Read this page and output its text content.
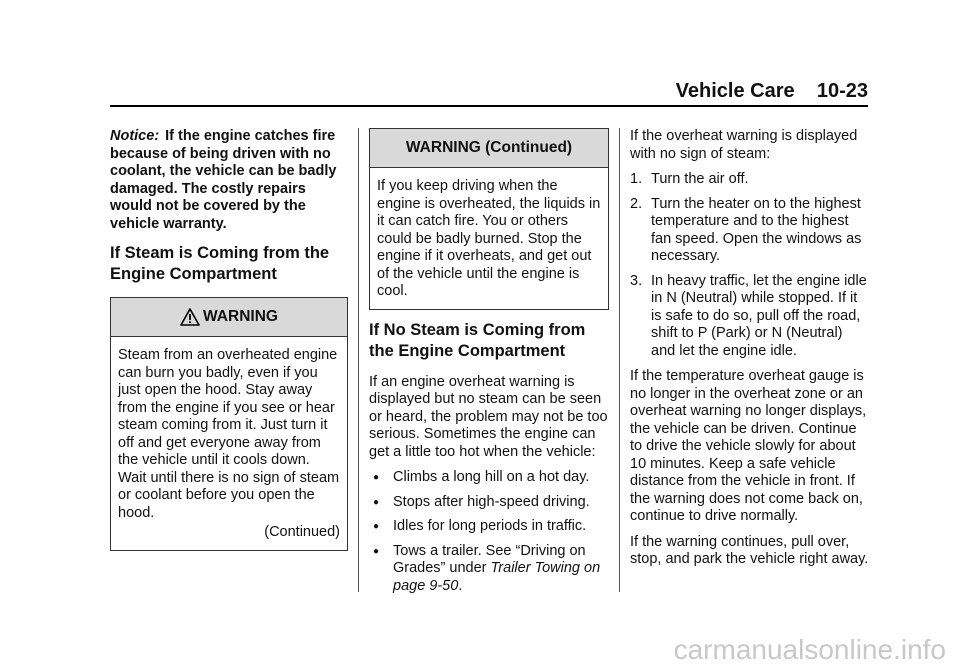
Vehicle Care    10-23

Notice: If the engine catches fire because of being driven with no coolant, the vehicle can be badly damaged. The costly repairs would not be covered by the vehicle warranty.

If Steam is Coming from the Engine Compartment
WARNING
Steam from an overheated engine can burn you badly, even if you just open the hood. Stay away from the engine if you see or hear steam coming from it. Just turn it off and get everyone away from the vehicle until it cools down. Wait until there is no sign of steam or coolant before you open the hood.
(Continued)
WARNING (Continued)
If you keep driving when the engine is overheated, the liquids in it can catch fire. You or others could be badly burned. Stop the engine if it overheats, and get out of the vehicle until the engine is cool.
If No Steam is Coming from the Engine Compartment

If an engine overheat warning is displayed but no steam can be seen or heard, the problem may not be too serious. Sometimes the engine can get a little too hot when the vehicle:

● Climbs a long hill on a hot day.
● Stops after high-speed driving.
● Idles for long periods in traffic.
● Tows a trailer. See “Driving on Grades” under Trailer Towing on page 9-50.

If the overheat warning is displayed with no sign of steam:

1. Turn the air off.
2. Turn the heater on to the highest temperature and to the highest fan speed. Open the windows as necessary.
3. In heavy traffic, let the engine idle in N (Neutral) while stopped. If it is safe to do so, pull off the road, shift to P (Park) or N (Neutral) and let the engine idle.

If the temperature overheat gauge is no longer in the overheat zone or an overheat warning no longer displays, the vehicle can be driven. Continue to drive the vehicle slowly for about 10 minutes. Keep a safe vehicle distance from the vehicle in front. If the warning does not come back on, continue to drive normally.

If the warning continues, pull over, stop, and park the vehicle right away.

carmanualsonline.info
